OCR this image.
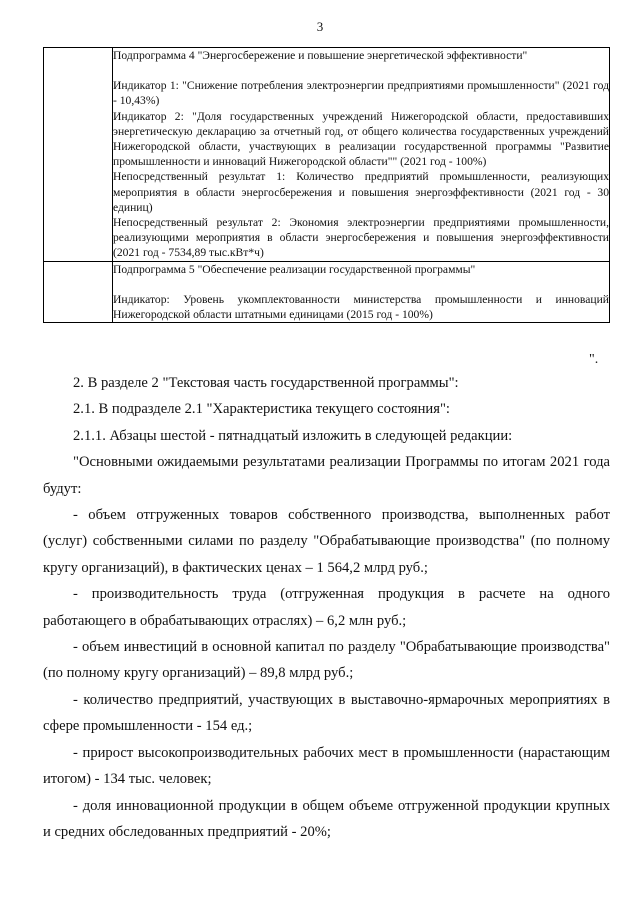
3

	Подпрограмма 4 "Энергосбережение и повышение энергетической эффективности"

Индикатор 1: "Снижение потребления электроэнергии предприятиями промышленности" (2021 год - 10,43%)

Индикатор 2: "Доля государственных учреждений Нижегородской области, предоставивших энергетическую декларацию за отчетный год, от общего количества государственных учреждений Нижегородской области, участвующих в реализации государственной программы "Развитие промышленности и инноваций Нижегородской области"" (2021 год - 100%)

Непосредственный результат 1: Количество предприятий промышленности, реализующих мероприятия в области энергосбережения и повышения энергоэффективности (2021 год - 30 единиц)

Непосредственный результат 2: Экономия электроэнергии предприятиями промышленности, реализующими мероприятия в области энергосбережения и повышения энергоэффективности (2021 год - 7534,89 тыс.кВт*ч)

	Подпрограмма 5 "Обеспечение реализации государственной программы"

Индикатор: Уровень укомплектованности министерства промышленности и инноваций Нижегородской области штатными единицами (2015 год - 100%)

".

2. В разделе 2 "Текстовая часть государственной программы":

2.1. В подразделе 2.1 "Характеристика текущего состояния":

2.1.1. Абзацы шестой - пятнадцатый изложить в следующей редакции:

"Основными ожидаемыми результатами реализации Программы по итогам 2021 года будут:

- объем отгруженных товаров собственного производства, выполненных работ (услуг) собственными силами по разделу "Обрабатывающие производства" (по полному кругу организаций), в фактических ценах – 1 564,2 млрд руб.;

- производительность труда (отгруженная продукция в расчете на одного работающего в обрабатывающих отраслях) – 6,2 млн руб.;

- объем инвестиций в основной капитал по разделу "Обрабатывающие производства" (по полному кругу организаций) – 89,8 млрд руб.;

- количество предприятий, участвующих в выставочно-ярмарочных мероприятиях в сфере промышленности - 154 ед.;

- прирост высокопроизводительных рабочих мест в промышленности (нарастающим итогом) - 134 тыс. человек;

- доля инновационной продукции в общем объеме отгруженной продукции крупных и средних обследованных предприятий - 20%;
